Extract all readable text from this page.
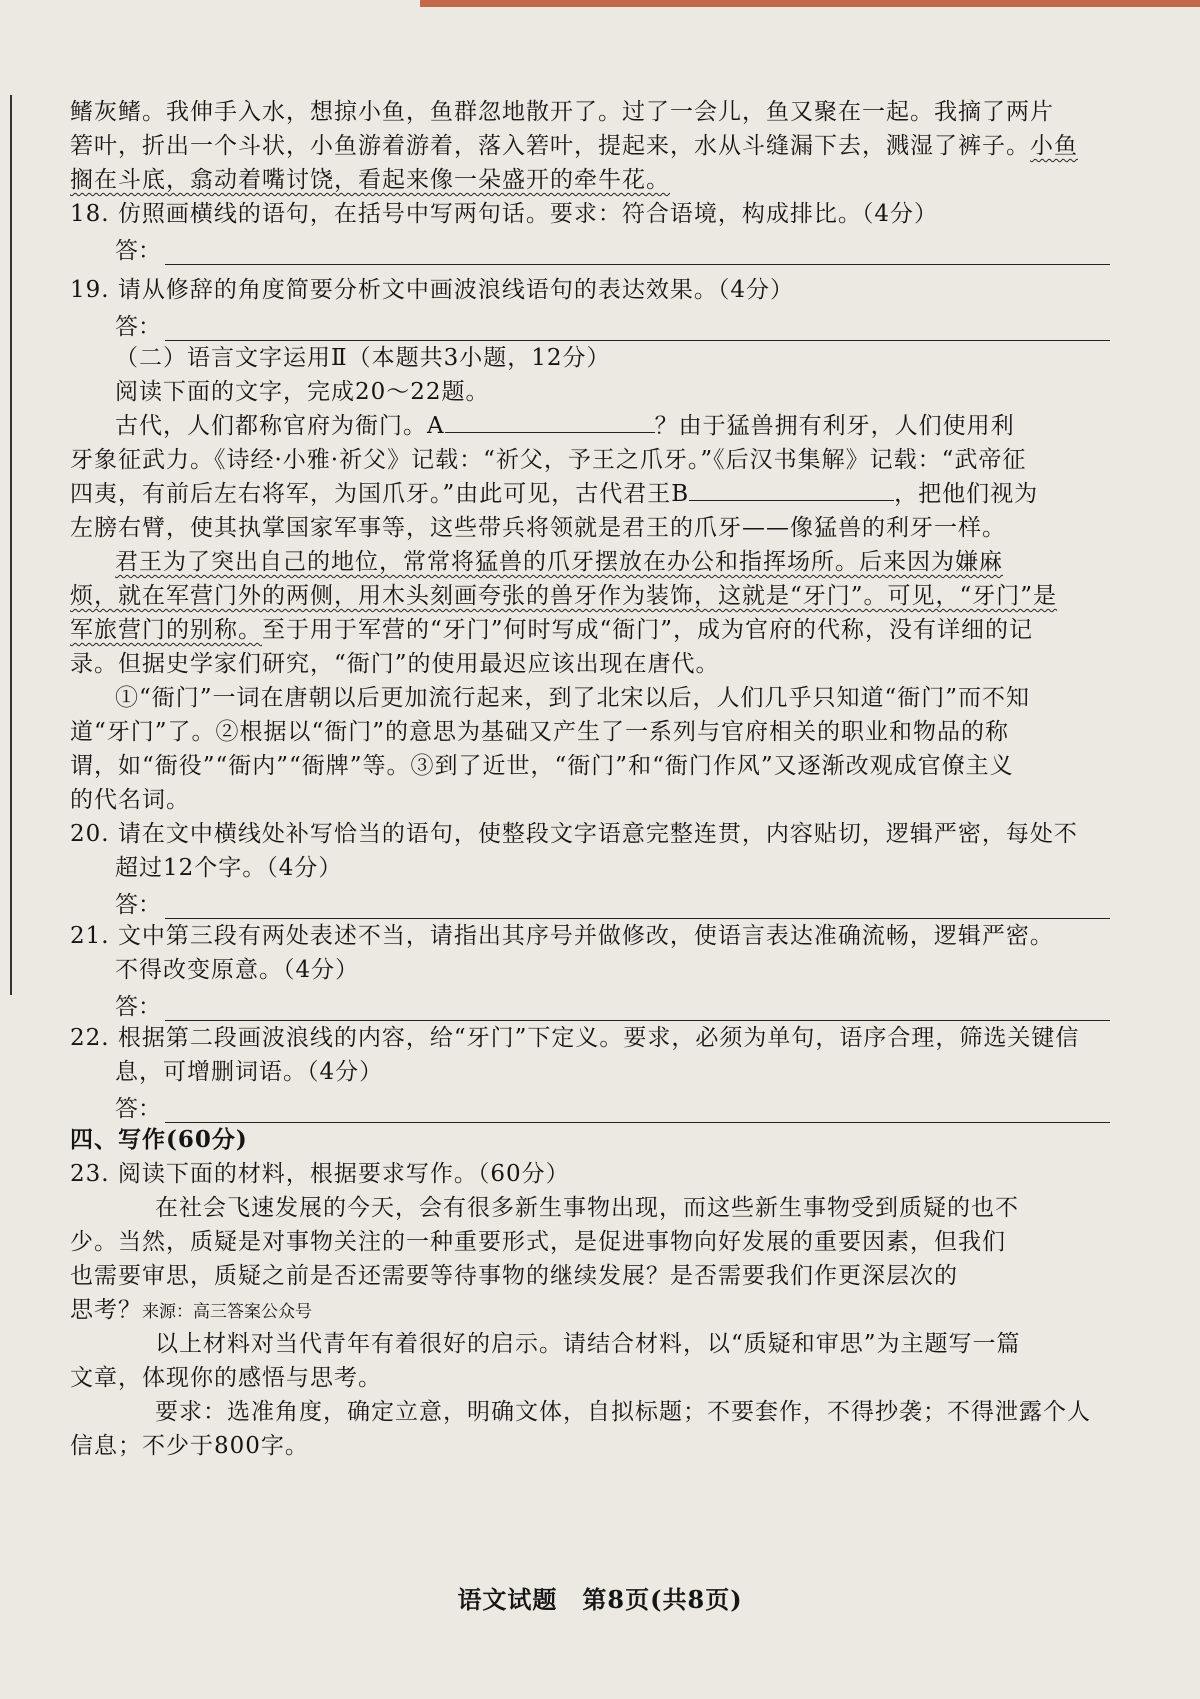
鳍灰鳍。我伸手入水，想掠小鱼，鱼群忽地散开了。过了一会儿，鱼又聚在一起。我摘了两片
箬叶，折出一个斗状，小鱼游着游着，落入箬叶，提起来，水从斗缝漏下去，溅湿了裤子。小鱼
搁在斗底，翕动着嘴讨饶，看起来像一朵盛开的牵牛花。
18. 仿照画横线的语句，在括号中写两句话。要求：符合语境，构成排比。（4分）
答：
19. 请从修辞的角度简要分析文中画波浪线语句的表达效果。（4分）
答：
（二）语言文字运用Ⅱ（本题共3小题，12分）
阅读下面的文字，完成20～22题。
古代，人们都称官府为衙门。A	？由于猛兽拥有利牙，人们使用利
牙象征武力。《诗经·小雅·祈父》记载：“祈父，予王之爪牙。”《后汉书集解》记载：“武帝征
四夷，有前后左右将军，为国爪牙。”由此可见，古代君王B	，把他们视为
左膀右臂，使其执掌国家军事等，这些带兵将领就是君王的爪牙——像猛兽的利牙一样。
君王为了突出自己的地位，常常将猛兽的爪牙摆放在办公和指挥场所。后来因为嫌麻
烦，就在军营门外的两侧，用木头刻画夸张的兽牙作为装饰，这就是“牙门”。可见，“牙门”是
军旅营门的别称。至于用于军营的“牙门”何时写成“衙门”，成为官府的代称，没有详细的记
录。但据史学家们研究，“衙门”的使用最迟应该出现在唐代。
①“衙门”一词在唐朝以后更加流行起来，到了北宋以后，人们几乎只知道“衙门”而不知
道“牙门”了。②根据以“衙门”的意思为基础又产生了一系列与官府相关的职业和物品的称
谓，如“衙役”“衙内”“衙牌”等。③到了近世，“衙门”和“衙门作风”又逐渐改观成官僚主义
的代名词。
20. 请在文中横线处补写恰当的语句，使整段文字语意完整连贯，内容贴切，逻辑严密，每处不
超过12个字。（4分）
答：
21. 文中第三段有两处表述不当，请指出其序号并做修改，使语言表达准确流畅，逻辑严密。
不得改变原意。（4分）
答：
22. 根据第二段画波浪线的内容，给“牙门”下定义。要求，必须为单句，语序合理，筛选关键信
息，可增删词语。（4分）
答：
四、写作(60分)
23. 阅读下面的材料，根据要求写作。（60分）
在社会飞速发展的今天，会有很多新生事物出现，而这些新生事物受到质疑的也不
少。当然，质疑是对事物关注的一种重要形式，是促进事物向好发展的重要因素，但我们
也需要审思，质疑之前是否还需要等待事物的继续发展？是否需要我们作更深层次的
思考？来源：高三答案公众号
以上材料对当代青年有着很好的启示。请结合材料，以“质疑和审思”为主题写一篇
文章，体现你的感悟与思考。
要求：选准角度，确定立意，明确文体，自拟标题；不要套作，不得抄袭；不得泄露个人
信息；不少于800字。
语文试题　第8页(共8页)
